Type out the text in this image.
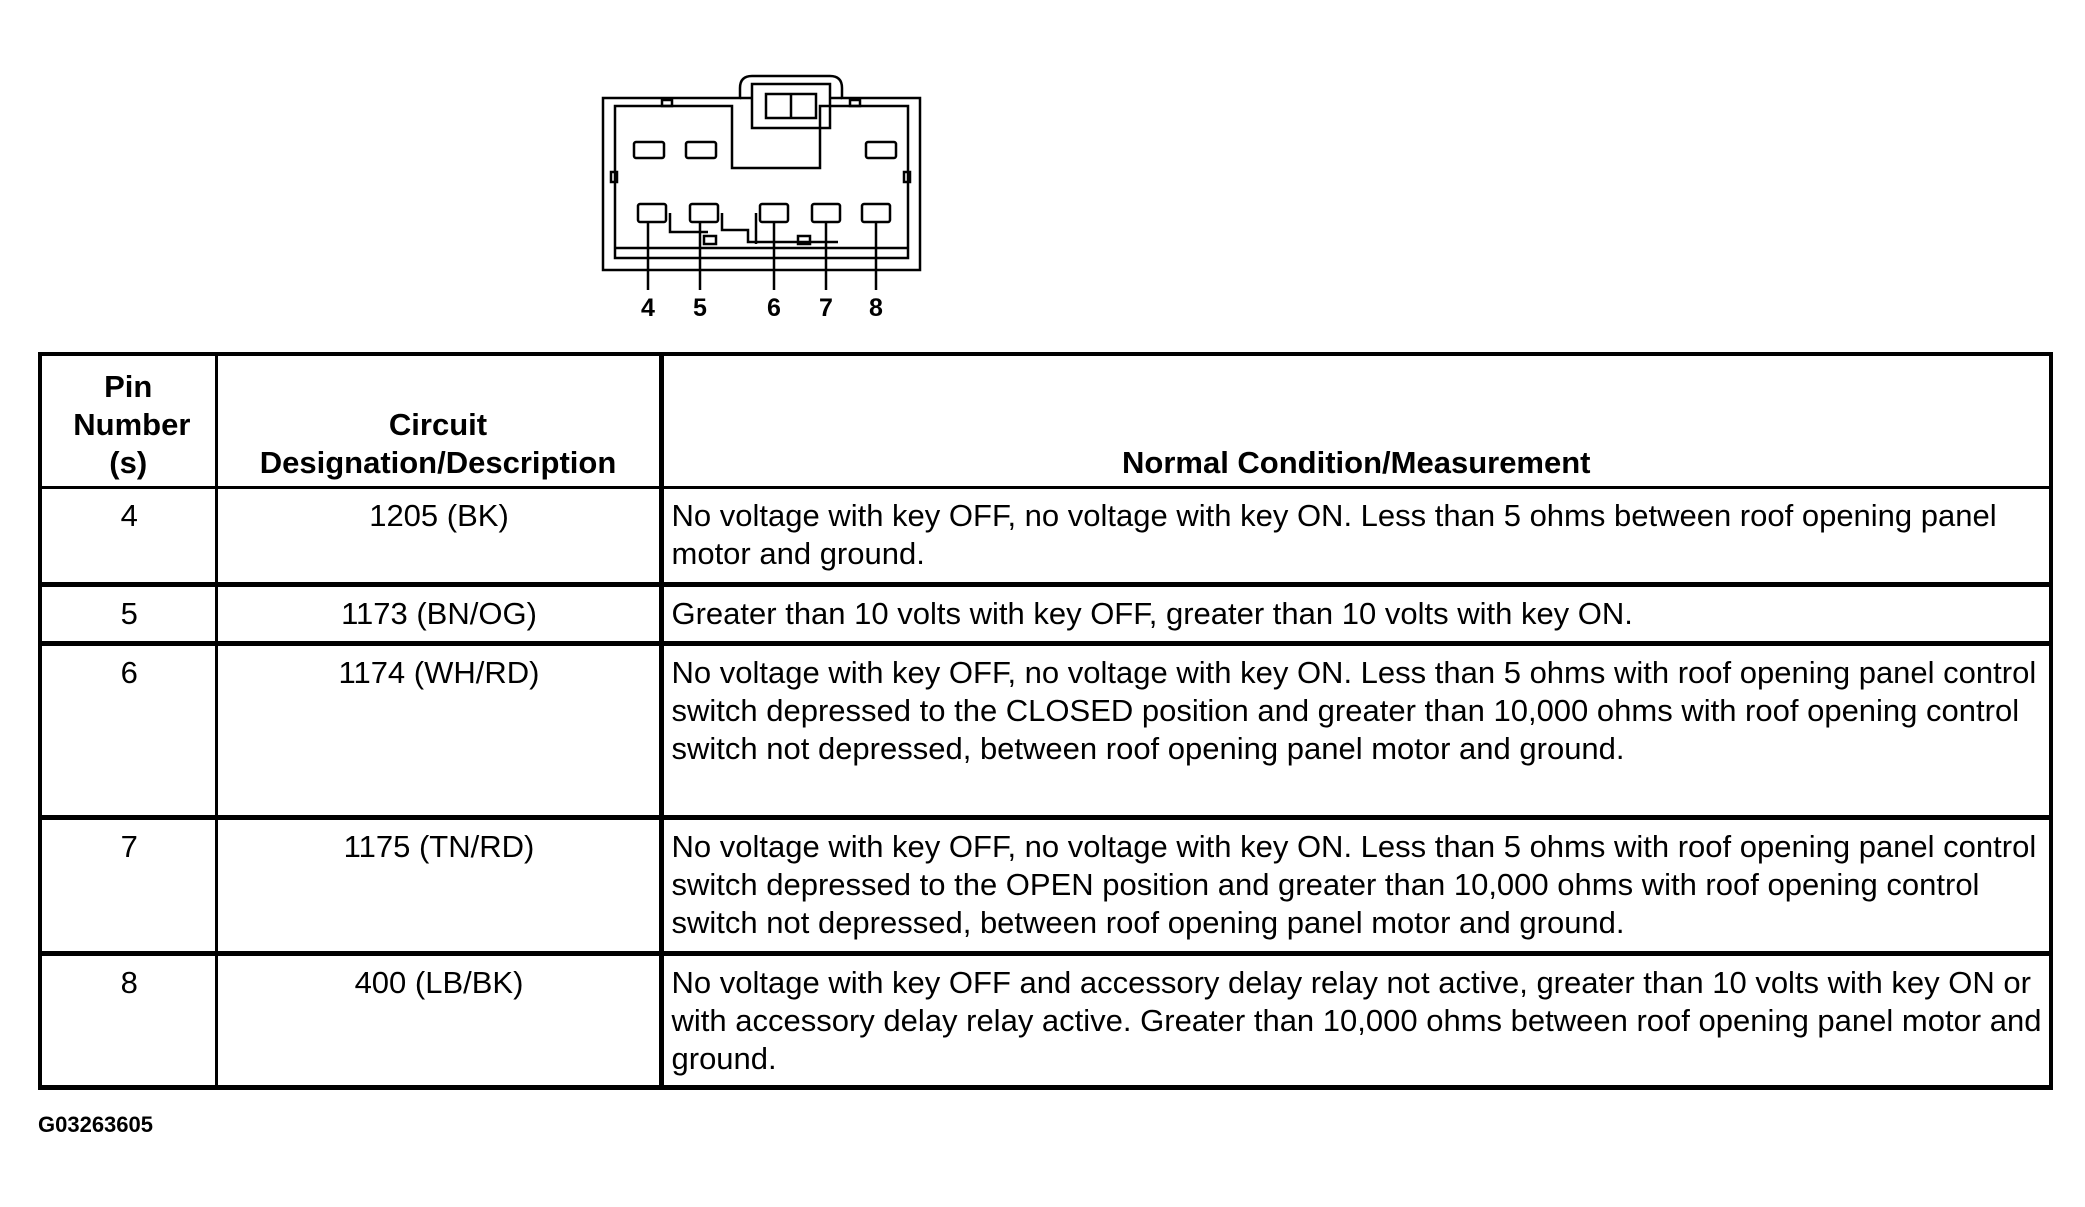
4 5 6 7 8
Pin Number (s)	Circuit Designation/Description	Normal Condition/Measurement
4	1205 (BK)	No voltage with key OFF, no voltage with key ON. Less than 5 ohms between roof opening panel motor and ground.
5	1173 (BN/OG)	Greater than 10 volts with key OFF, greater than 10 volts with key ON.
6	1174 (WH/RD)	No voltage with key OFF, no voltage with key ON. Less than 5 ohms with roof opening panel control switch depressed to the CLOSED position and greater than 10,000 ohms with roof opening control switch not depressed, between roof opening panel motor and ground.
7	1175 (TN/RD)	No voltage with key OFF, no voltage with key ON. Less than 5 ohms with roof opening panel control switch depressed to the OPEN position and greater than 10,000 ohms with roof opening control switch not depressed, between roof opening panel motor and ground.
8	400 (LB/BK)	No voltage with key OFF and accessory delay relay not active, greater than 10 volts with key ON or with accessory delay relay active. Greater than 10,000 ohms between roof opening panel motor and ground.
G03263605
